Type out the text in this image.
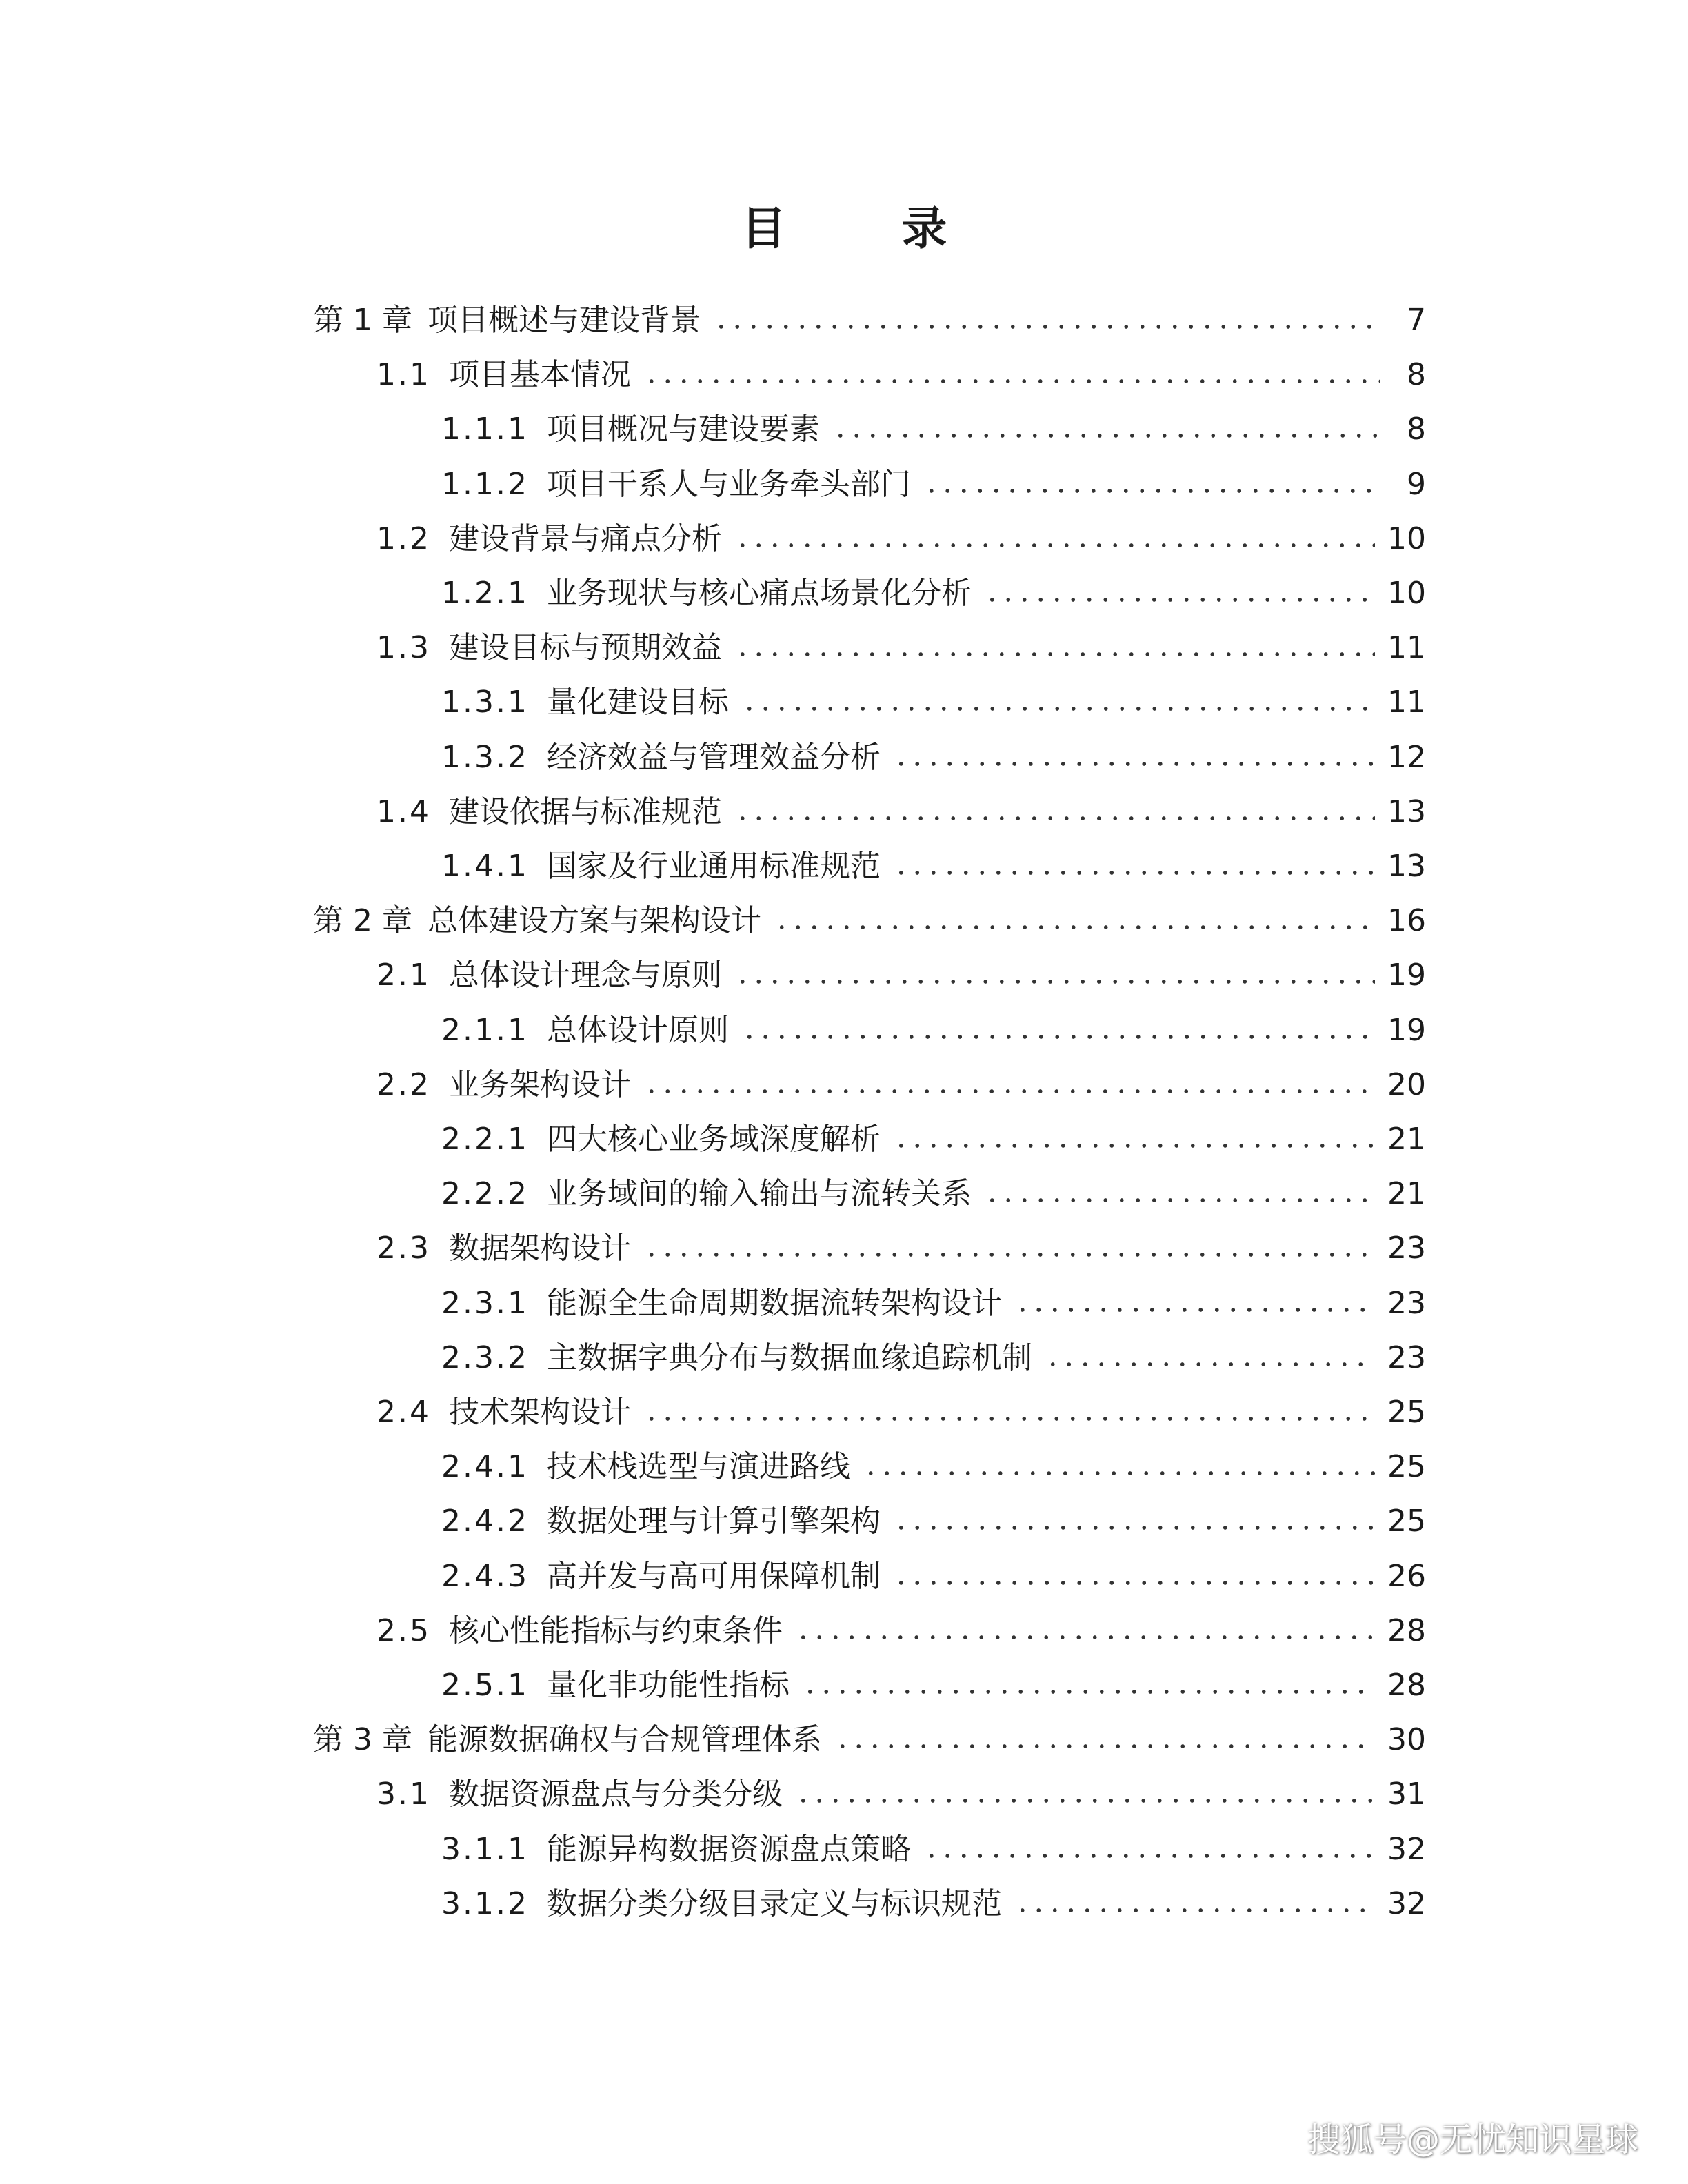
目 录
第 1 章 项目概述与建设背景	7
1.1 项目基本情况	8
1.1.1 项目概况与建设要素	8
1.1.2 项目干系人与业务牵头部门	9
1.2 建设背景与痛点分析	10
1.2.1 业务现状与核心痛点场景化分析	10
1.3 建设目标与预期效益	11
1.3.1 量化建设目标	11
1.3.2 经济效益与管理效益分析	12
1.4 建设依据与标准规范	13
1.4.1 国家及行业通用标准规范	13
第 2 章 总体建设方案与架构设计	16
2.1 总体设计理念与原则	19
2.1.1 总体设计原则	19
2.2 业务架构设计	20
2.2.1 四大核心业务域深度解析	21
2.2.2 业务域间的输入输出与流转关系	21
2.3 数据架构设计	23
2.3.1 能源全生命周期数据流转架构设计	23
2.3.2 主数据字典分布与数据血缘追踪机制	23
2.4 技术架构设计	25
2.4.1 技术栈选型与演进路线	25
2.4.2 数据处理与计算引擎架构	25
2.4.3 高并发与高可用保障机制	26
2.5 核心性能指标与约束条件	28
2.5.1 量化非功能性指标	28
第 3 章 能源数据确权与合规管理体系	30
3.1 数据资源盘点与分类分级	31
3.1.1 能源异构数据资源盘点策略	32
3.1.2 数据分类分级目录定义与标识规范	32
搜狐号@无忧知识星球
